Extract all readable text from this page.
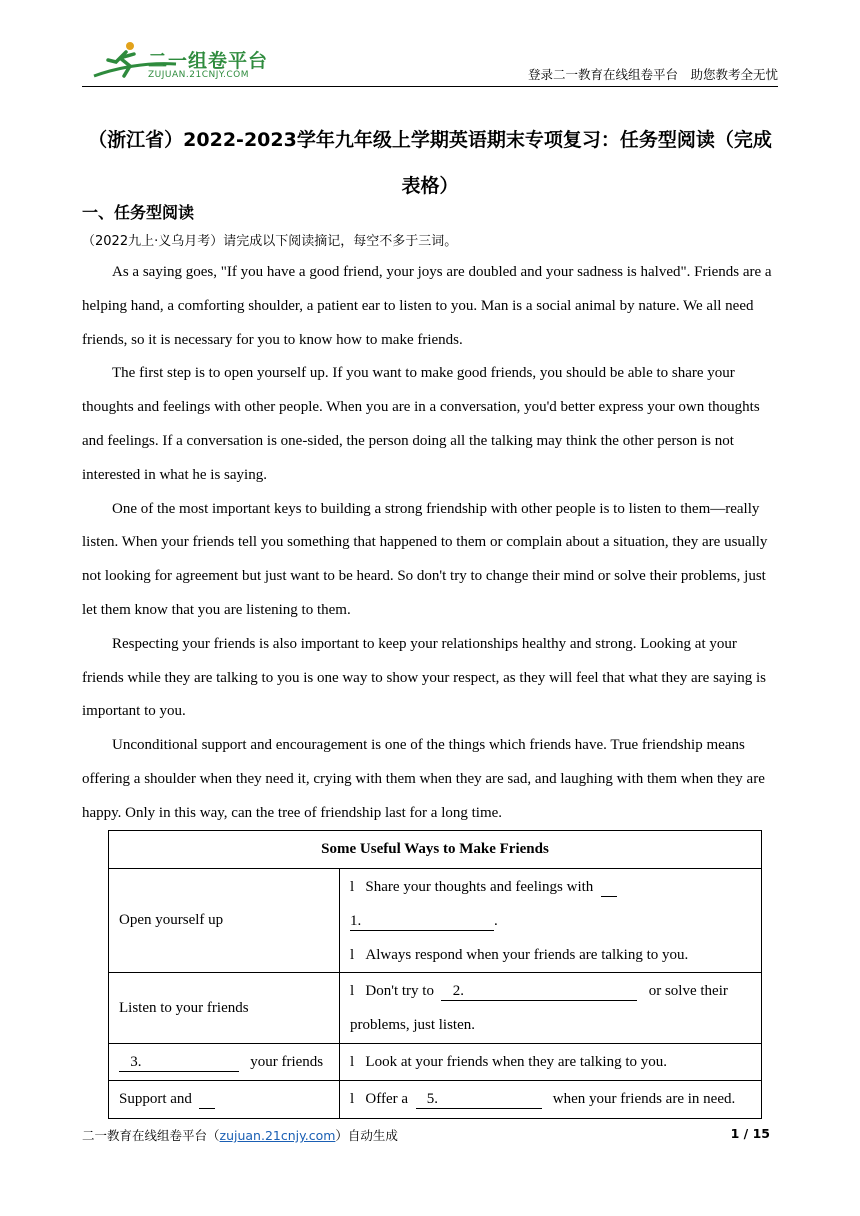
二一组卷平台
ZUJUAN.21CNJY.COM	登录二一教育在线组卷平台　助您教考全无忧
（浙江省）2022-2023学年九年级上学期英语期末专项复习：任务型阅读（完成表格）
一、任务型阅读
（2022九上·义乌月考）请完成以下阅读摘记，每空不多于三词。

As a saying goes, "If you have a good friend, your joys are doubled and your sadness is halved". Friends are a helping hand, a comforting shoulder, a patient ear to listen to you. Man is a social animal by nature. We all need friends, so it is necessary for you to know how to make friends.

The first step is to open yourself up. If you want to make good friends, you should be able to share your thoughts and feelings with other people. When you are in a conversation, you'd better express your own thoughts and feelings. If a conversation is one-sided, the person doing all the talking may think the other person is not interested in what he is saying.

One of the most important keys to building a strong friendship with other people is to listen to them—really listen. When your friends tell you something that happened to them or complain about a situation, they are usually not looking for agreement but just want to be heard. So don't try to change their mind or solve their problems, just let them know that you are listening to them.

Respecting your friends is also important to keep your relationships healthy and strong. Looking at your friends while they are talking to you is one way to show your respect, as they will feel that what they are saying is important to you.

Unconditional support and encouragement is one of the things which friends have. True friendship means offering a shoulder when they need it, crying with them when they are sad, and laughing with them when they are happy. Only in this way, can the tree of friendship last for a long time.

Some Useful Ways to Make Friends	
Open yourself up	l Share your thoughts and feelings with
1. .
l Always respond when your friends are talking to you.

Listen to your friends	l Don't try to 2. or solve their
problems, just listen.

3. your friends	l Look at your friends when they are talking to you.
Support and	l Offer a 5. when your friends are in need.
二一教育在线组卷平台（zujuan.21cnjy.com）自动生成	1 / 15
